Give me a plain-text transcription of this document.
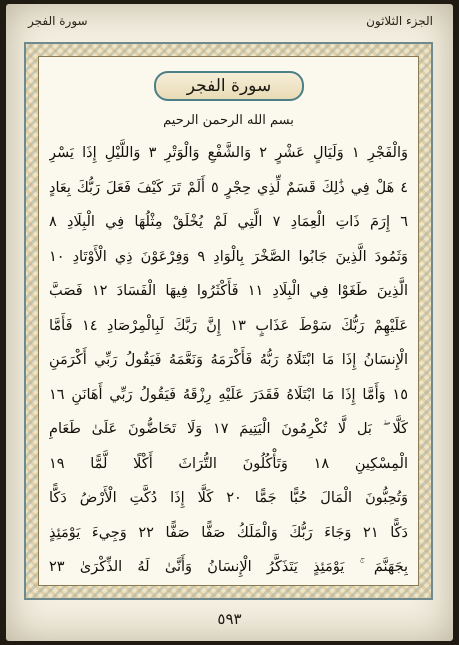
سورة الفجر	الجزء الثلاثون
سورة الفجر
بسم الله الرحمن الرحيم
وَالْفَجْرِ ١ وَلَيَالٍ عَشْرٍ ٢ وَالشَّفْعِ وَالْوَتْرِ ٣ وَاللَّيْلِ إِذَا يَسْرِ
٤ هَلْ فِي ذَٰلِكَ قَسَمٌ لِّذِي حِجْرٍ ٥ أَلَمْ تَرَ كَيْفَ فَعَلَ رَبُّكَ بِعَادٍ
٦ إِرَمَ ذَاتِ الْعِمَادِ ٧ الَّتِي لَمْ يُخْلَقْ مِثْلُهَا فِي الْبِلَادِ ٨
وَثَمُودَ الَّذِينَ جَابُوا الصَّخْرَ بِالْوَادِ ٩ وَفِرْعَوْنَ ذِي الْأَوْتَادِ ١٠
الَّذِينَ طَغَوْا فِي الْبِلَادِ ١١ فَأَكْثَرُوا فِيهَا الْفَسَادَ ١٢ فَصَبَّ
عَلَيْهِمْ رَبُّكَ سَوْطَ عَذَابٍ ١٣ إِنَّ رَبَّكَ لَبِالْمِرْصَادِ ١٤ فَأَمَّا
الْإِنسَانُ إِذَا مَا ابْتَلَاهُ رَبُّهُ فَأَكْرَمَهُ وَنَعَّمَهُ فَيَقُولُ رَبِّي أَكْرَمَنِ
١٥ وَأَمَّا إِذَا مَا ابْتَلَاهُ فَقَدَرَ عَلَيْهِ رِزْقَهُ فَيَقُولُ رَبِّي أَهَانَنِ ١٦
كَلَّا ۖ بَل لَّا تُكْرِمُونَ الْيَتِيمَ ١٧ وَلَا تَحَاضُّونَ عَلَىٰ طَعَامِ
الْمِسْكِينِ ١٨ وَتَأْكُلُونَ التُّرَاثَ أَكْلًا لَّمًّا ١٩
وَتُحِبُّونَ الْمَالَ حُبًّا جَمًّا ٢٠ كَلَّا إِذَا دُكَّتِ الْأَرْضُ دَكًّا
دَكًّا ٢١ وَجَاءَ رَبُّكَ وَالْمَلَكُ صَفًّا صَفًّا ٢٢ وَجِيءَ يَوْمَئِذٍ
بِجَهَنَّمَ ۚ يَوْمَئِذٍ يَتَذَكَّرُ الْإِنسَانُ وَأَنَّىٰ لَهُ الذِّكْرَىٰ ٢٣
٥٩٣
